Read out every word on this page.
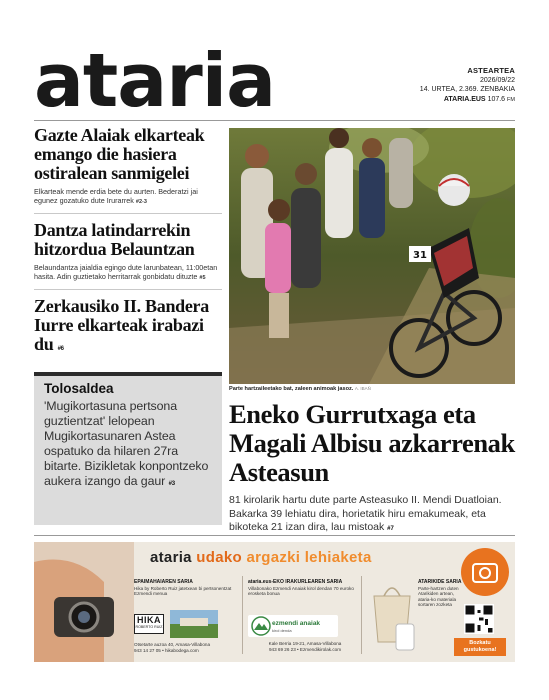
ataria	ASTEARTEA
2026/09/22
14. URTEA, 2.369. ZENBAKIA
ATARIA.EUS 107.6 FM
Gazte Alaiak elkarteak emango die hasiera ostiralean sanmigelei

Elkarteak mende erdia bete du aurten. Bederatzi jai egunez gozatuko dute Irurarrek #2-3

Dantza latindarrekin hitzordua Belauntzan

Belaundantza jaialdia egingo dute larunbatean, 11:00etan hasita. Adin guztietako herritarrak gonbidatu dituzte #5

Zerkausiko II. Bandera Iurre elkarteak irabazi du #6
Tolosaldea
'Mugikortasuna pertsona guztientzat' lelopean Mugikortasunaren Astea ospatuko da hilaren 27ra bitarte. Bizikletak konpontzeko aukera izango da gaur #3
31
Parte hartzaileetako bat, zaleen animoak jasoz. A. IBAÑ
Eneko Gurrutxaga eta Magali Albisu azkarrenak Asteasun
81 kirolarik hartu dute parte Asteasuko II. Mendi Duatloian. Bakarka 39 lehiatu dira, horietatik hiru emakumeak, eta bikoteka 21 izan dira, lau mistoak #7
ataria udako argazki lehiaketa
EPAIMAHAIAREN SARIA
Hika by Roberto Ruiz jatetxean bi pertsonentzat Ezmendi menua
HIKA
ROBERTO RUIZ
Otsetarte auzoa 40, Amasa-Villabona
943 14 27 05 • hikabodega.com
ataria.eus-EKO IRAKURLEAREN SARIA
Villabonako Ezmendi Anaiak kirol dendan 70 euroko erosketa bonua
ezmendi anaiak
kirol denda
Kale Berria 19-21, Amasa-Villabona
943 69 26 23 • Ezmendikirolak.com
ATARIKIDE SARIA
Parte-hartzen duten Atarikiden artean, ataria-ko materiala sortaren zozketa
Bozkatu gustukoena!
